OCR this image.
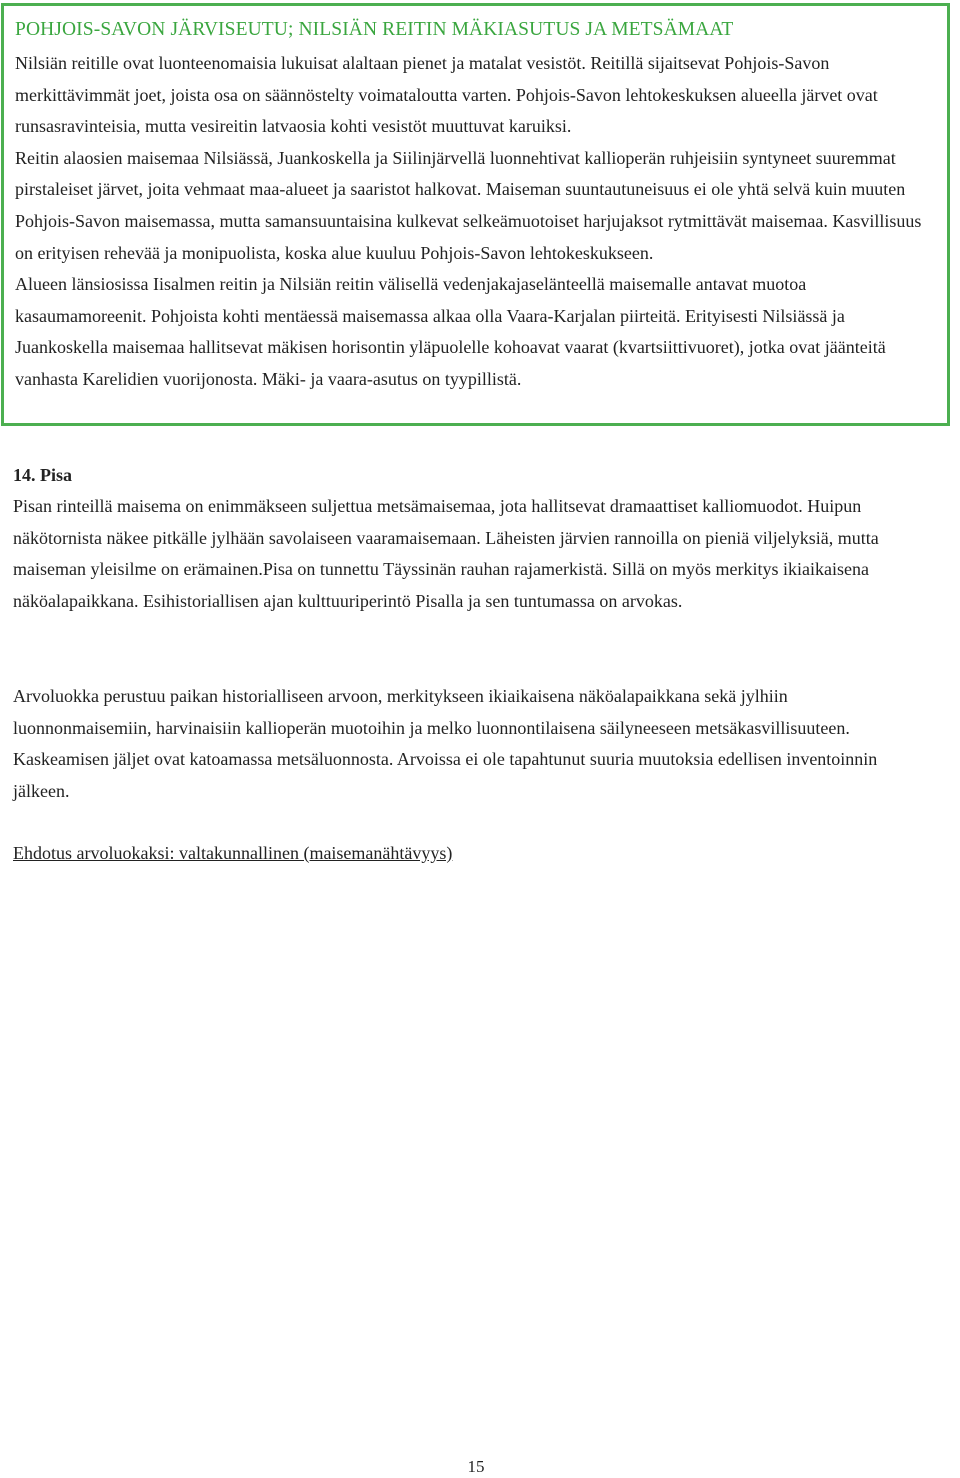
POHJOIS-SAVON JÄRVISEUTU; NILSIÄN REITIN MÄKIASUTUS JA METSÄMAAT

Nilsiän reitille ovat luonteenomaisia lukuisat alaltaan pienet ja matalat vesistöt. Reitillä sijaitsevat Pohjois-Savon merkittävimmät joet, joista osa on säännöstelty voimataloutta varten. Pohjois-Savon lehtokeskuksen alueella järvet ovat runsasravinteisia, mutta vesireitin latvaosia kohti vesistöt muuttuvat karuiksi.

Reitin alaosien maisemaa Nilsiässä, Juankoskella ja Siilinjärvellä luonnehtivat kallioperän ruhjeisiin syntyneet suuremmat pirstaleiset järvet, joita vehmaat maa-alueet ja saaristot halkovat. Maiseman suuntautuneisuus ei ole yhtä selvä kuin muuten Pohjois-Savon maisemassa, mutta samansuuntaisina kulkevat selkeämuotoiset harjujaksot rytmittävät maisemaa. Kasvillisuus on erityisen rehevää ja monipuolista, koska alue kuuluu Pohjois-Savon lehtokeskukseen.

Alueen länsiosissa Iisalmen reitin ja Nilsiän reitin välisellä vedenjakajaselänteellä maisemalle antavat muotoa kasaumamoreenit. Pohjoista kohti mentäessä maisemassa alkaa olla Vaara-Karjalan piirteitä. Erityisesti Nilsiässä ja Juankoskella maisemaa hallitsevat mäkisen horisontin yläpuolelle kohoavat vaarat (kvartsiittivuoret), jotka ovat jäänteitä vanhasta Karelidien vuorijonosta. Mäki- ja vaara-asutus on tyypillistä.

14. Pisa

Pisan rinteillä maisema on enimmäkseen suljettua metsämaisemaa, jota hallitsevat dramaattiset kalliomuodot. Huipun näkötornista näkee pitkälle jylhään savolaiseen vaaramaisemaan. Läheisten järvien rannoilla on pieniä viljelyksiä, mutta maiseman yleisilme on erämainen.Pisa on tunnettu Täyssinän rauhan rajamerkistä. Sillä on myös merkitys ikiaikaisena näköalapaikkana. Esihistoriallisen ajan kulttuuriperintö Pisalla ja sen tuntumassa on arvokas.

Arvoluokka perustuu paikan historialliseen arvoon, merkitykseen ikiaikaisena näköalapaikkana sekä jylhiin luonnonmaisemiin, harvinaisiin kallioperän muotoihin ja melko luonnontilaisena säilyneeseen metsäkasvillisuuteen. Kaskeamisen jäljet ovat katoamassa metsäluonnosta. Arvoissa ei ole tapahtunut suuria muutoksia edellisen inventoinnin jälkeen.

Ehdotus arvoluokaksi: valtakunnallinen (maisemanähtävyys)

15
